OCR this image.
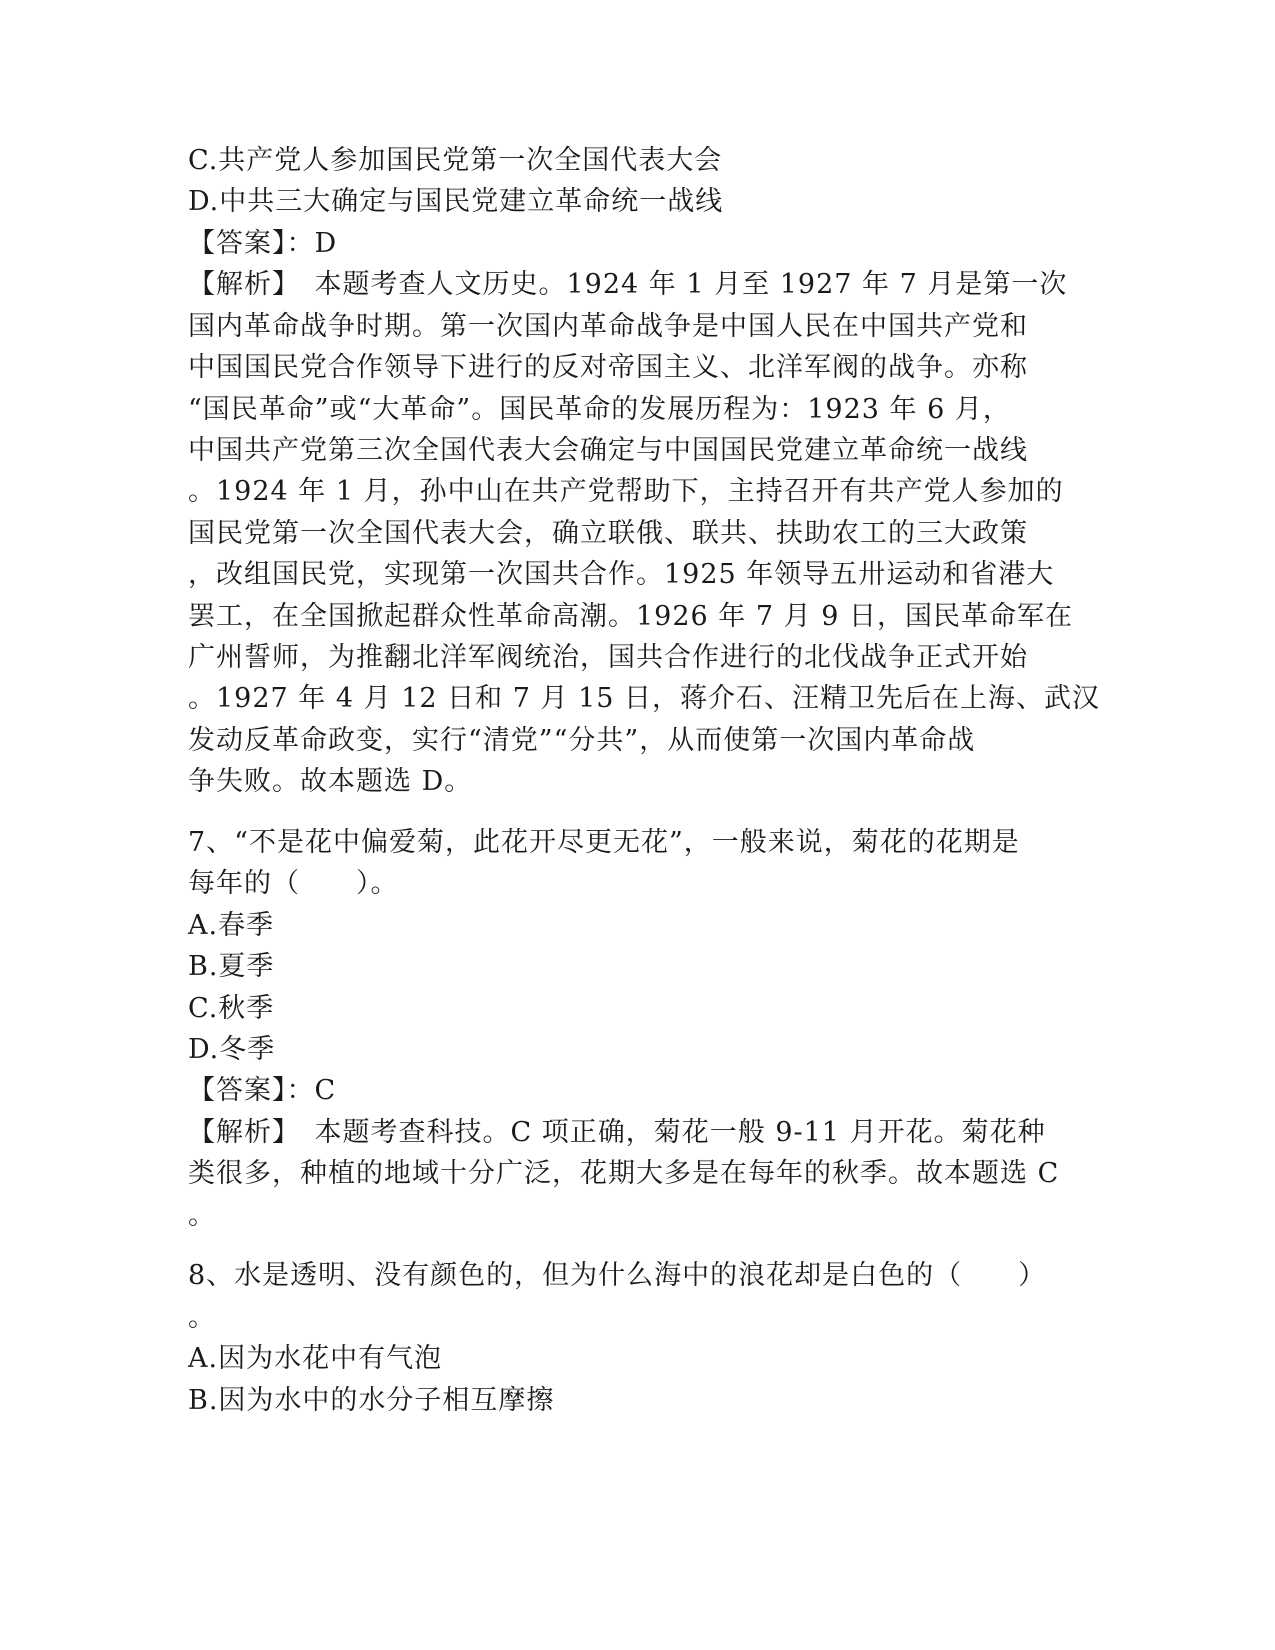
C.共产党人参加国民党第一次全国代表大会
D.中共三大确定与国民党建立革命统一战线
【答案】：D
【解析】　本题考查人文历史。1924 年 1 月至 1927 年 7 月是第一次
国内革命战争时期。第一次国内革命战争是中国人民在中国共产党和
中国国民党合作领导下进行的反对帝国主义、北洋军阀的战争。亦称
“国民革命”或“大革命”。国民革命的发展历程为：1923 年 6 月，
中国共产党第三次全国代表大会确定与中国国民党建立革命统一战线
。1924 年 1 月，孙中山在共产党帮助下，主持召开有共产党人参加的
国民党第一次全国代表大会，确立联俄、联共、扶助农工的三大政策
，改组国民党，实现第一次国共合作。1925 年领导五卅运动和省港大
罢工，在全国掀起群众性革命高潮。1926 年 7 月 9 日，国民革命军在
广州誓师，为推翻北洋军阀统治，国共合作进行的北伐战争正式开始
。1927 年 4 月 12 日和 7 月 15 日，蒋介石、汪精卫先后在上海、武汉
发动反革命政变，实行“清党”“分共”，从而使第一次国内革命战
争失败。故本题选 D。
7、“不是花中偏爱菊，此花开尽更无花”，一般来说，菊花的花期是
每年的（　　）。
A.春季
B.夏季
C.秋季
D.冬季
【答案】：C
【解析】　本题考查科技。C 项正确，菊花一般 9-11 月开花。菊花种
类很多，种植的地域十分广泛，花期大多是在每年的秋季。故本题选 C
。
8、水是透明、没有颜色的，但为什么海中的浪花却是白色的（　　）
。
A.因为水花中有气泡
B.因为水中的水分子相互摩擦
